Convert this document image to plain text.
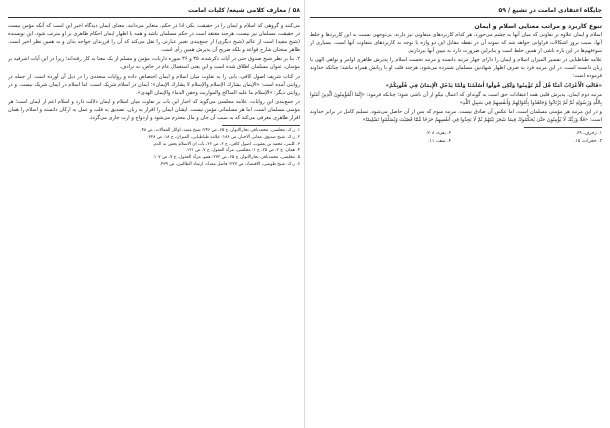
۵۸ / معارف کلامی شیعه/ کلیات امامت

می‌کنند و گروهی که اسلام و ایمان را در حقیقت، یکی ادا در حکم، متغایر می‌دانند. معنای ایمان دیدگاه اخیر این است که آنکه مؤمن نیست در حقیقت، مسلمان نیز نیست، هرچند معتقد است در حکم مسلمان باشد و همه با اظهار ایمان احکام ظاهری بر او مترتب شود. این نویسنده (شیخ مفید) است از عالم (شیخ دیگری) از جمع‌بندی تعبیر عبارتی را نقل می‌کند که آن را فرزندان خواجه بدان و به همین نظر اخیر است. ظاهر سخنان شارح قواعد و بلکه صریح آن پذیرش همین رأی است.

۲. بنا بر نظر شیخ صدوق حتی در آیات ذکرشده، ۳۵ و ۳۶ سوره ذاریات، مؤمن و مسلم از یک معنا به کار رفته‌اند؛ زیرا در این آیات اشرفیه بر مؤمنان، عنوان مسلمان اطلاق شده است و این یعنی استعمال عام در خاص، نه ترادف.

در کتاب شریف اصول کافی، بابی را به تفاوت میان اسلام و ایمان اختصاص داده و روایات متعددی را در ذیل آن آورده است. از جمله در روایتی آمده است: «الإيمان يشارك الإسلام والإسلام لا يشارك الإيمان»؛ ایمان در اسلام شریک است، اما اسلام در ایمان شریک نیست. و در روایتی دیگر: «الإسلام ما عليه المناكح والمواريث وحقن الدماء والإيمان الهدى».

در جمع‌بندی این روایات، علامه مجلسی می‌گوید که اخبار این باب بر تفاوت میان اسلام و ایمان دلالت دارد و اسلام اعم از ایمان است؛ هر مؤمنی مسلمان است، اما هر مسلمانی مؤمن نیست. ایشان ایمان را اقرار به زبان، تصدیق به قلب و عمل به ارکان دانسته و اسلام را همان اقرار ظاهری معرفی می‌کند که به سبب آن جان و مال محترم می‌شود و ازدواج و ارث جاری می‌گردد.

۱. ر.ک. مجلسی، محمدباقر، بحارالانوار، ج ۶۵، ص ۲۴۶؛ شیخ مفید، اوائل المقالات، ص ۴۸.

۲. ر.ک. شیخ صدوق، معانی الاخبار، ص ۱۸۶؛ علامه طباطبایی، المیزان، ج ۱۸، ص ۳۲۸.

۳. کلینی، محمد بن یعقوب، اصول کافی، ج ۲، ص ۲۶، باب ان الاسلام یحقن به الدم.

۴. همان، ج ۲، ص ۲۵، ح ۱؛ مجلسی، مرآة العقول، ج ۷، ص ۱۲۱.

۵. مجلسی، محمدباقر، بحارالانوار، ج ۶۵، ص ۲۷۲؛ همو، مرآة العقول، ج ۷، ص ۱۰۷.

۶. ر.ک. شیخ طوسی، الاقتصاد، ص ۲۲۷؛ فاضل مقداد، ارشاد الطالبین، ص ۴۳۹.

جایگاه اعتقادی امامت در تشیع / ۵۹
تنوع کاربرد و مراتب معنایی اسلام و ایمان

اسلام و ایمان علاوه بر تفاوتی که میان آنها به چشم می‌خورد، هر کدام کاربردهای متفاوتی نیز دارند. بی‌توجهی نسبت به این کاربردها و خلط آنها، سبب بروز اشکالات فراوانی خواهد شد که نمونه آن در نقطه مقابل این دو واژه با توجه به کاربردهای متفاوت آنها است. بسیاری از سوءفهم‌ها در این باره ناشی از همین خلط است و بنابراین ضرورت دارد به تبیین آنها بپردازیم.

علامه طباطبایی در تفسیر المیزان اسلام و ایمان را دارای چهار مرتبه دانسته و مرتبه نخست اسلام را پذیرش ظاهری اوامر و نواهی الهی با زبان دانسته است. در این مرتبه فرد به صرف اظهار شهادتین مسلمان شمرده می‌شود، هرچند قلب او با زبانش همراه نباشد؛ چنانکه خداوند فرموده است:

«قَالَتِ الْأَعْرَابُ آمَنَّا قُل لَّمْ تُؤْمِنُوا وَلَٰكِن قُولُوا أَسْلَمْنَا وَلَمَّا يَدْخُلِ الْإِيمَانُ فِي قُلُوبِكُمْ»

مرتبه دوم ایمان، پذیرش قلبی همه اعتقادات حق است به گونه‌ای که اعمال نیکو از آن ناشی شود؛ چنانکه فرمود: «إِنَّمَا الْمُؤْمِنُونَ الَّذِينَ آمَنُوا بِاللَّهِ وَرَسُولِهِ ثُمَّ لَمْ يَرْتَابُوا وَجَاهَدُوا بِأَمْوَالِهِمْ وَأَنفُسِهِمْ فِي سَبِيلِ اللَّهِ»

و در این مرتبه هر مؤمنی مسلمان است، اما عکس آن صادق نیست. مرتبه سوم که پس از آن حاصل می‌شود، تسلیم کامل در برابر خداوند است: «فَلَا وَرَبِّكَ لَا يُؤْمِنُونَ حَتَّىٰ يُحَكِّمُوكَ فِيمَا شَجَرَ بَيْنَهُمْ ثُمَّ لَا يَجِدُوا فِي أَنفُسِهِمْ حَرَجًا مِّمَّا قَضَيْتَ وَيُسَلِّمُوا تَسْلِيمًا»

۱. زخرف، ۶۹.
۲. بقره، ۲۰۸.
۳. حجرات، ۱۵.
۴. صف، ۱۱.
